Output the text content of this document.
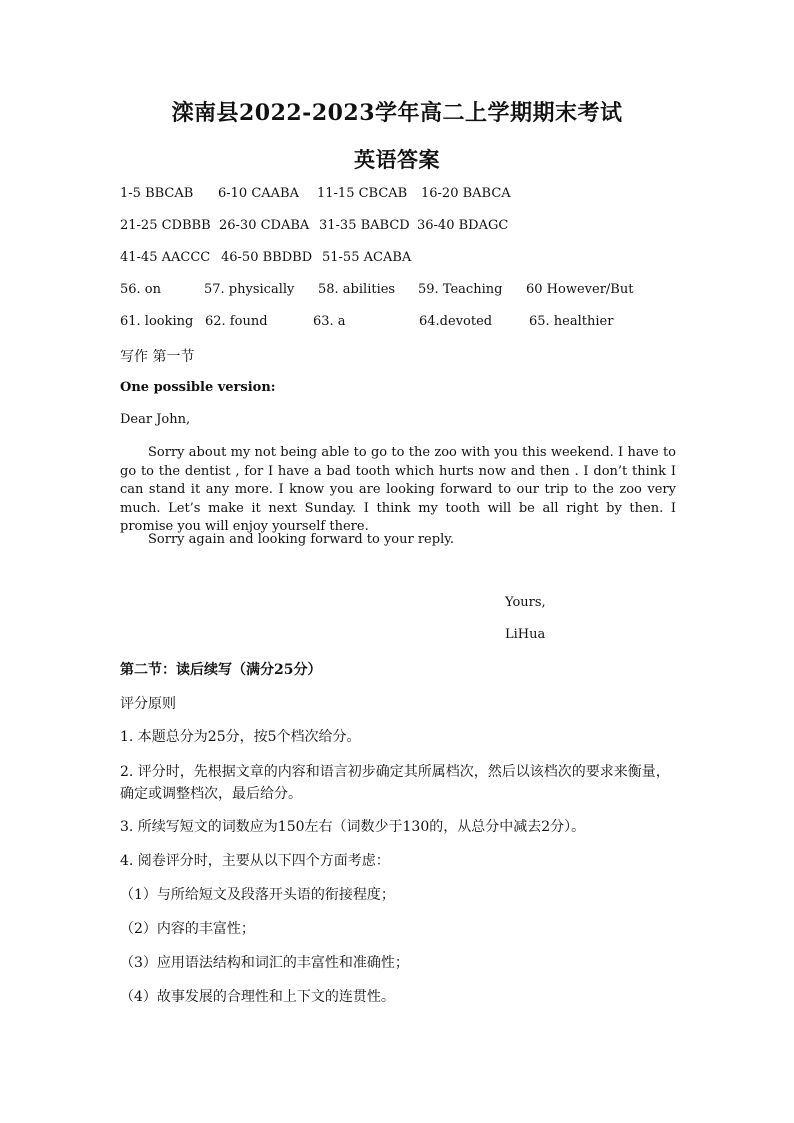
滦南县2022-2023学年高二上学期期末考试
英语答案
1-5 BBCAB 6-10 CAABA 11-15 CBCAB 16-20 BABCA
21-25 CDBBB 26-30 CDABA 31-35 BABCD 36-40 BDAGC
41-45 AACCC 46-50 BBDBD 51-55 ACABA
56. on	57. physically 58. abilities 59. Teaching 60 However/But
61. looking 62. found	63. a	64.devoted	65. healthier
写作 第一节
One possible version:
Dear John,
Sorry about my not being able to go to the zoo with you this weekend. I have to go to the dentist , for I have a bad tooth which hurts now and then . I don’t think I can stand it any more. I know you are looking forward to our trip to the zoo very much. Let’s make it next Sunday. I think my tooth will be all right by then. I promise you will enjoy yourself there.
Sorry again and looking forward to your reply.
Yours,
LiHua
第二节：读后续写（满分25分）
评分原则
1. 本题总分为25分，按5个档次给分。
2. 评分时，先根据文章的内容和语言初步确定其所属档次，然后以该档次的要求来衡量，确定或调整档次，最后给分。
3. 所续写短文的词数应为150左右（词数少于130的，从总分中减去2分）。
4. 阅卷评分时，主要从以下四个方面考虑：
（1）与所给短文及段落开头语的衔接程度；
（2）内容的丰富性；
（3）应用语法结构和词汇的丰富性和准确性；
（4）故事发展的合理性和上下文的连贯性。
